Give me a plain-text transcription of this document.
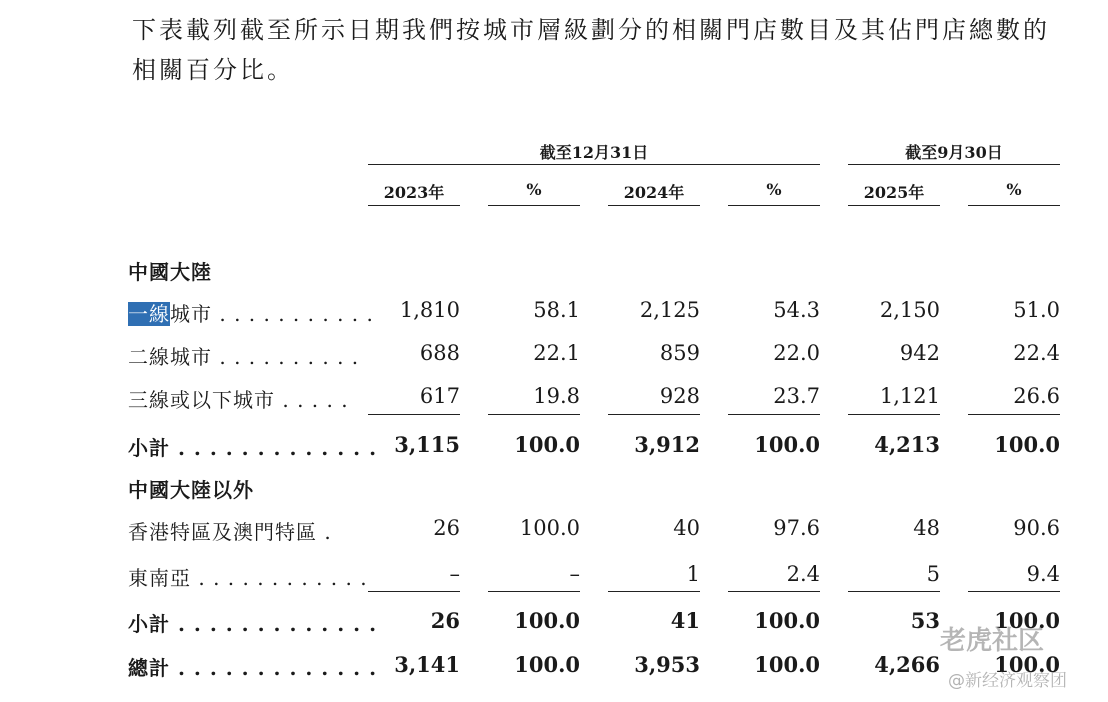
下表載列截至所示日期我們按城市層級劃分的相關門店數目及其佔門店總數的相關百分比。

截至12月31日	截至9月30日
2023年	%	2024年	%	2025年	%
中國大陸
一線城市 . . . . . . . . . . .	1,810	58.1	2,125	54.3	2,150	51.0
二線城市 . . . . . . . . . .	688	22.1	859	22.0	942	22.4
三線或以下城市 . . . . .	617	19.8	928	23.7	1,121	26.6
小計 . . . . . . . . . . . . . 3,115	100.0	3,912	100.0	4,213	100.0
中國大陸以外
香港特區及澳門特區 .	26	100.0	40	97.6	48	90.6
東南亞 . . . . . . . . . . . .	–	–	1	2.4	5	9.4
小計 . . . . . . . . . . . . .	26	100.0	41	100.0	53	100.0
總計 . . . . . . . . . . . . . 3,141	100.0	3,953	100.0	4,266	100.0
老虎社区
@新经济观察团
